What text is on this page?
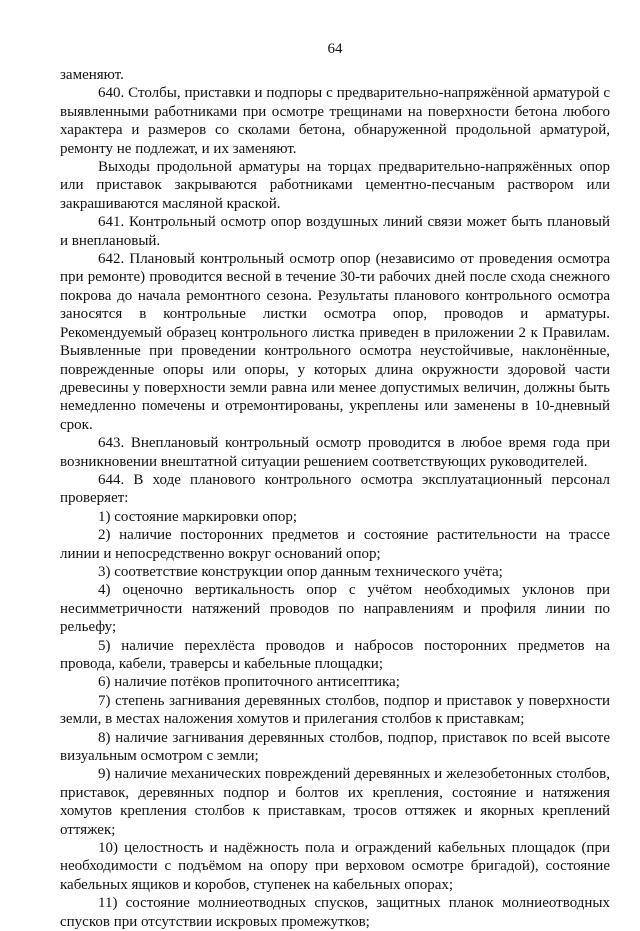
64

заменяют.

640. Столбы, приставки и подпоры с предварительно-напряжённой арматурой с выявленными работниками при осмотре трещинами на поверхности бетона любого характера и размеров со сколами бетона, обнаруженной продольной арматурой, ремонту не подлежат, и их заменяют.

Выходы продольной арматуры на торцах предварительно-напряжённых опор или приставок закрываются работниками цементно-песчаным раствором или закрашиваются масляной краской.

641. Контрольный осмотр опор воздушных линий связи может быть плановый и внеплановый.

642. Плановый контрольный осмотр опор (независимо от проведения осмотра при ремонте) проводится весной в течение 30-ти рабочих дней после схода снежного покрова до начала ремонтного сезона. Результаты планового контрольного осмотра заносятся в контрольные листки осмотра опор, проводов и арматуры. Рекомендуемый образец контрольного листка приведен в приложении 2 к Правилам. Выявленные при проведении контрольного осмотра неустойчивые, наклонённые, поврежденные опоры или опоры, у которых длина окружности здоровой части древесины у поверхности земли равна или менее допустимых величин, должны быть немедленно помечены и отремонтированы, укреплены или заменены в 10-дневный срок.

643. Внеплановый контрольный осмотр проводится в любое время года при возникновении внештатной ситуации решением соответствующих руководителей.

644. В ходе планового контрольного осмотра эксплуатационный персонал проверяет:

1) состояние маркировки опор;

2) наличие посторонних предметов и состояние растительности на трассе линии и непосредственно вокруг оснований опор;

3) соответствие конструкции опор данным технического учёта;

4) оценочно вертикальность опор с учётом необходимых уклонов при несимметричности натяжений проводов по направлениям и профиля линии по рельефу;

5) наличие перехлёста проводов и набросов посторонних предметов на провода, кабели, траверсы и кабельные площадки;

6) наличие потёков пропиточного антисептика;

7) степень загнивания деревянных столбов, подпор и приставок у поверхности земли, в местах наложения хомутов и прилегания столбов к приставкам;

8) наличие загнивания деревянных столбов, подпор, приставок по всей высоте визуальным осмотром с земли;

9) наличие механических повреждений деревянных и железобетонных столбов, приставок, деревянных подпор и болтов их крепления, состояние и натяжения хомутов крепления столбов к приставкам, тросов оттяжек и якорных креплений оттяжек;

10) целостность и надёжность пола и ограждений кабельных площадок (при необходимости с подъёмом на опору при верховом осмотре бригадой), состояние кабельных ящиков и коробов, ступенек на кабельных опорах;

11) состояние молниеотводных спусков, защитных планок молниеотводных спусков при отсутствии искровых промежутков;
